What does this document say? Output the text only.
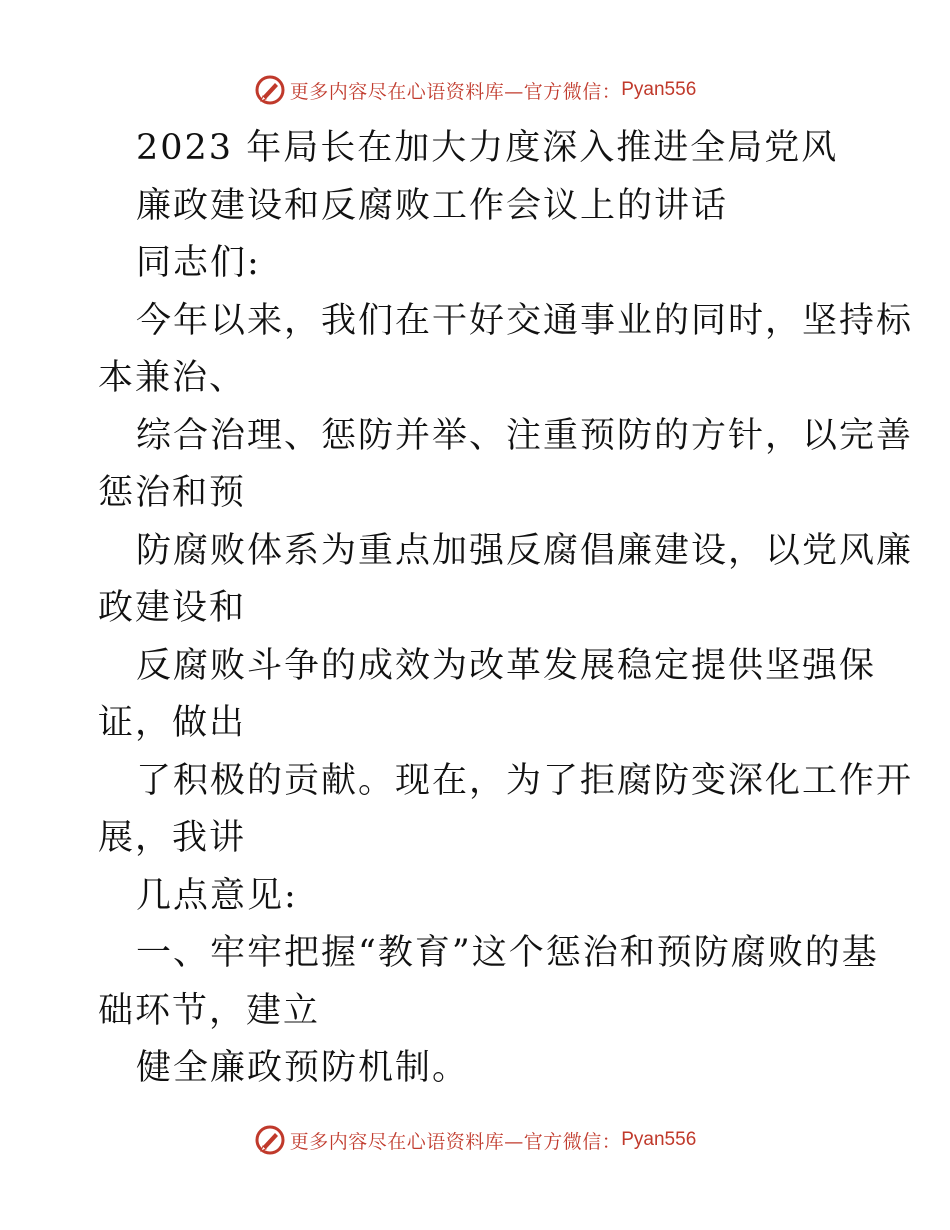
更多内容尽在心语资料库—官方微信： Pyan556
2023 年局长在加大力度深入推进全局党风
廉政建设和反腐败工作会议上的讲话
同志们:
今年以来，我们在干好交通事业的同时，坚持标
本兼治、
综合治理、惩防并举、注重预防的方针，以完善
惩治和预
防腐败体系为重点加强反腐倡廉建设，以党风廉
政建设和
反腐败斗争的成效为改革发展稳定提供坚强保
证，做出
了积极的贡献。现在，为了拒腐防变深化工作开
展，我讲
几点意见:
一、牢牢把握“教育”这个惩治和预防腐败的基
础环节，建立
健全廉政预防机制。
更多内容尽在心语资料库—官方微信： Pyan556
